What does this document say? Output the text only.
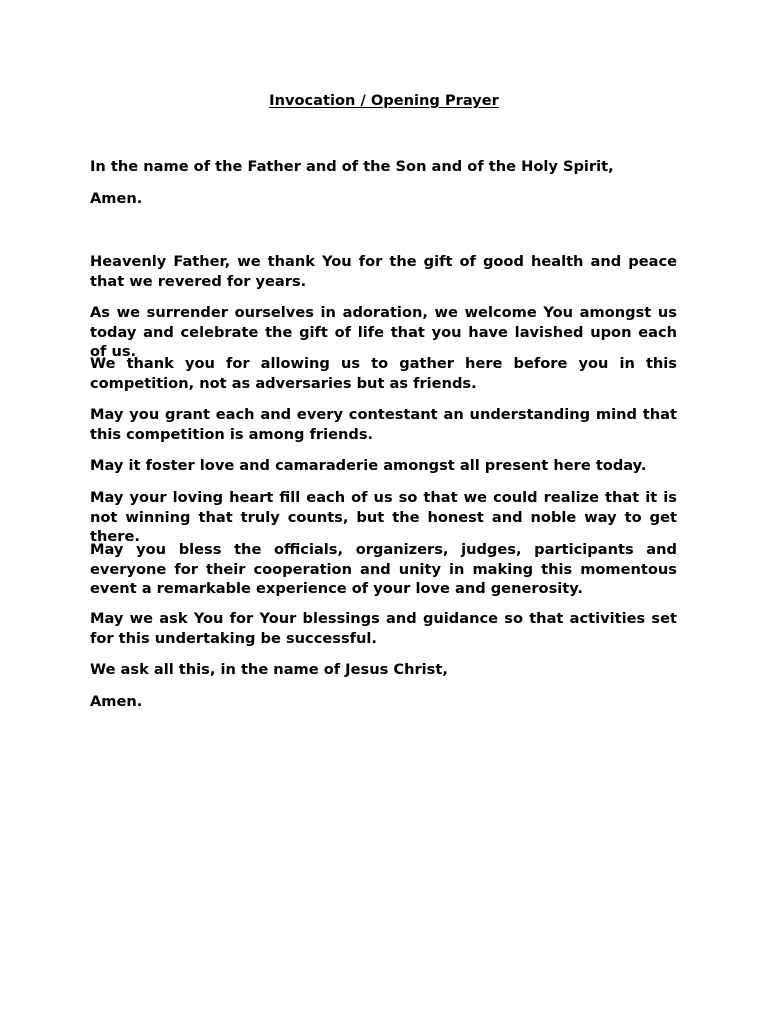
Invocation / Opening Prayer

In the name of the Father and of the Son and of the Holy Spirit,

Amen.

Heavenly Father, we thank You for the gift of good health and peace that we revered for years.

As we surrender ourselves in adoration, we welcome You amongst us today and celebrate the gift of life that you have lavished upon each of us.

We thank you for allowing us to gather here before you in this competition, not as adversaries but as friends.

May you grant each and every contestant an understanding mind that this competition is among friends.

May it foster love and camaraderie amongst all present here today.

May your loving heart fill each of us so that we could realize that it is not winning that truly counts, but the honest and noble way to get there.

May you bless the officials, organizers, judges, participants and everyone for their cooperation and unity in making this momentous event a remarkable experience of your love and generosity.

May we ask You for Your blessings and guidance so that activities set for this undertaking be successful.

We ask all this, in the name of Jesus Christ,

Amen.
